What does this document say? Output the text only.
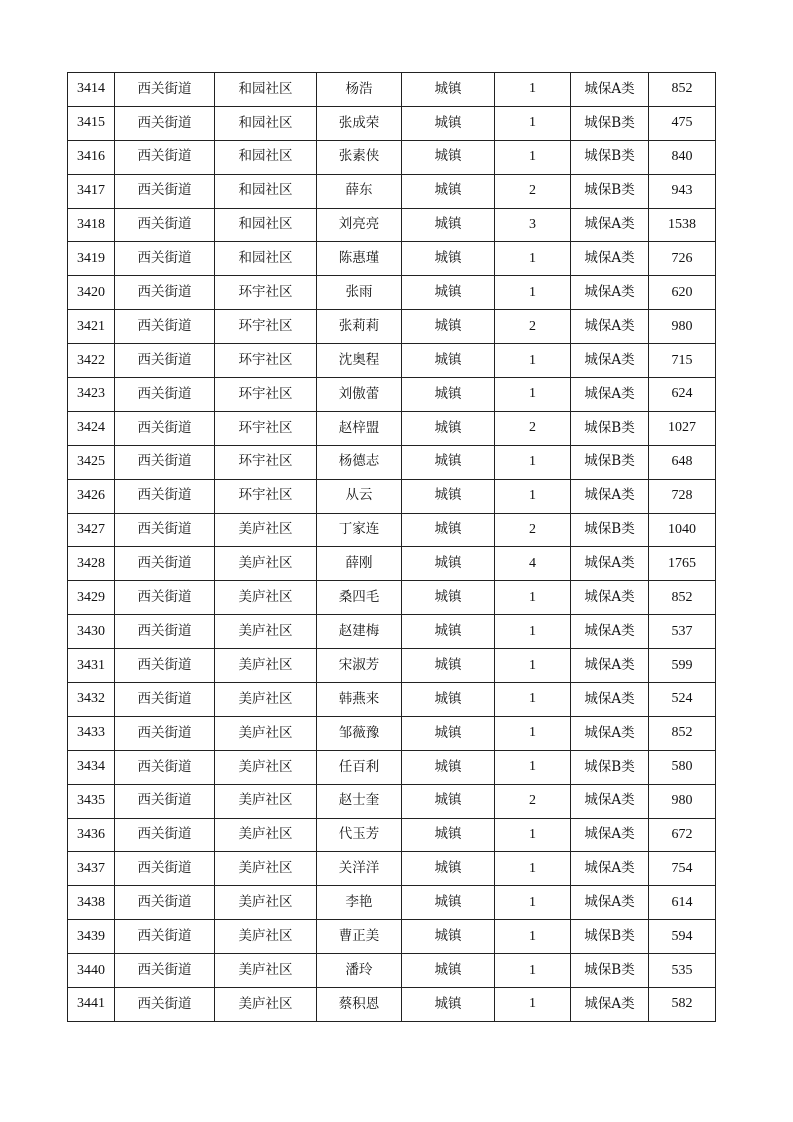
3414	西关街道	和园社区	杨浩	城镇	1	城保A类	852
3415	西关街道	和园社区	张成荣	城镇	1	城保B类	475
3416	西关街道	和园社区	张素侠	城镇	1	城保B类	840
3417	西关街道	和园社区	薛东	城镇	2	城保B类	943
3418	西关街道	和园社区	刘亮亮	城镇	3	城保A类	1538
3419	西关街道	和园社区	陈惠瑾	城镇	1	城保A类	726
3420	西关街道	环宇社区	张雨	城镇	1	城保A类	620
3421	西关街道	环宇社区	张莉莉	城镇	2	城保A类	980
3422	西关街道	环宇社区	沈奥程	城镇	1	城保A类	715
3423	西关街道	环宇社区	刘傲蕾	城镇	1	城保A类	624
3424	西关街道	环宇社区	赵梓盟	城镇	2	城保B类	1027
3425	西关街道	环宇社区	杨德志	城镇	1	城保B类	648
3426	西关街道	环宇社区	从云	城镇	1	城保A类	728
3427	西关街道	美庐社区	丁家连	城镇	2	城保B类	1040
3428	西关街道	美庐社区	薛刚	城镇	4	城保A类	1765
3429	西关街道	美庐社区	桑四毛	城镇	1	城保A类	852
3430	西关街道	美庐社区	赵建梅	城镇	1	城保A类	537
3431	西关街道	美庐社区	宋淑芳	城镇	1	城保A类	599
3432	西关街道	美庐社区	韩燕来	城镇	1	城保A类	524
3433	西关街道	美庐社区	邹薇豫	城镇	1	城保A类	852
3434	西关街道	美庐社区	任百利	城镇	1	城保B类	580
3435	西关街道	美庐社区	赵士奎	城镇	2	城保A类	980
3436	西关街道	美庐社区	代玉芳	城镇	1	城保A类	672
3437	西关街道	美庐社区	关洋洋	城镇	1	城保A类	754
3438	西关街道	美庐社区	李艳	城镇	1	城保A类	614
3439	西关街道	美庐社区	曹正美	城镇	1	城保B类	594
3440	西关街道	美庐社区	潘玲	城镇	1	城保B类	535
3441	西关街道	美庐社区	蔡积恩	城镇	1	城保A类	582
